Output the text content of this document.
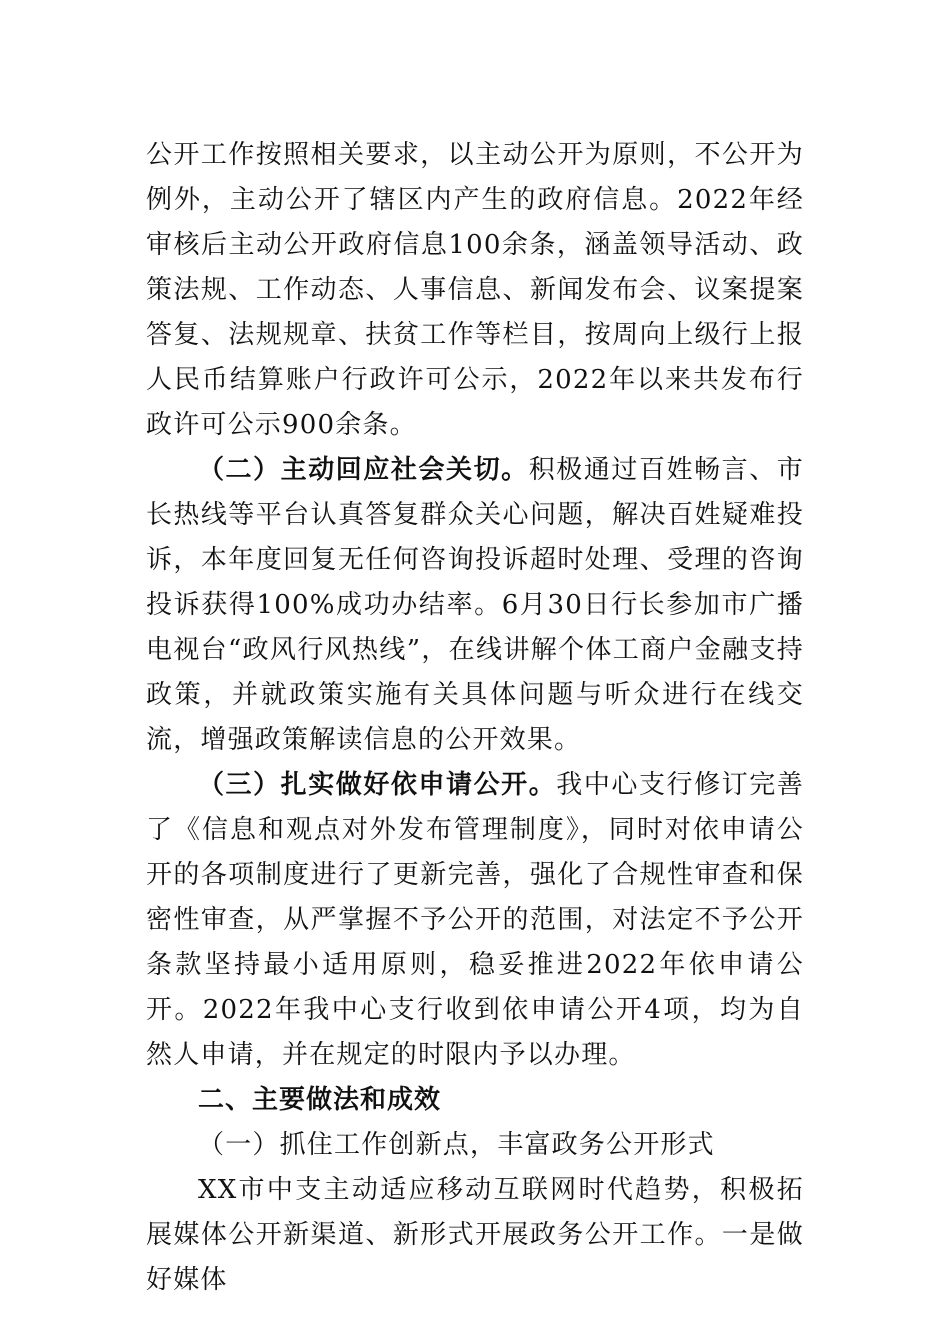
公开工作按照相关要求，以主动公开为原则，不公开为例外，主动公开了辖区内产生的政府信息。2022年经审核后主动公开政府信息100余条，涵盖领导活动、政策法规、工作动态、人事信息、新闻发布会、议案提案答复、法规规章、扶贫工作等栏目，按周向上级行上报人民币结算账户行政许可公示，2022年以来共发布行政许可公示900余条。

（二）主动回应社会关切。积极通过百姓畅言、市长热线等平台认真答复群众关心问题，解决百姓疑难投诉，本年度回复无任何咨询投诉超时处理、受理的咨询投诉获得100%成功办结率。6月30日行长参加市广播电视台“政风行风热线”，在线讲解个体工商户金融支持政策，并就政策实施有关具体问题与听众进行在线交流，增强政策解读信息的公开效果。

（三）扎实做好依申请公开。我中心支行修订完善了《信息和观点对外发布管理制度》，同时对依申请公开的各项制度进行了更新完善，强化了合规性审查和保密性审查，从严掌握不予公开的范围，对法定不予公开条款坚持最小适用原则，稳妥推进2022年依申请公开。2022年我中心支行收到依申请公开4项，均为自然人申请，并在规定的时限内予以办理。

二、主要做法和成效

（一）抓住工作创新点，丰富政务公开形式

XX市中支主动适应移动互联网时代趋势，积极拓展媒体公开新渠道、新形式开展政务公开工作。一是做好媒体
